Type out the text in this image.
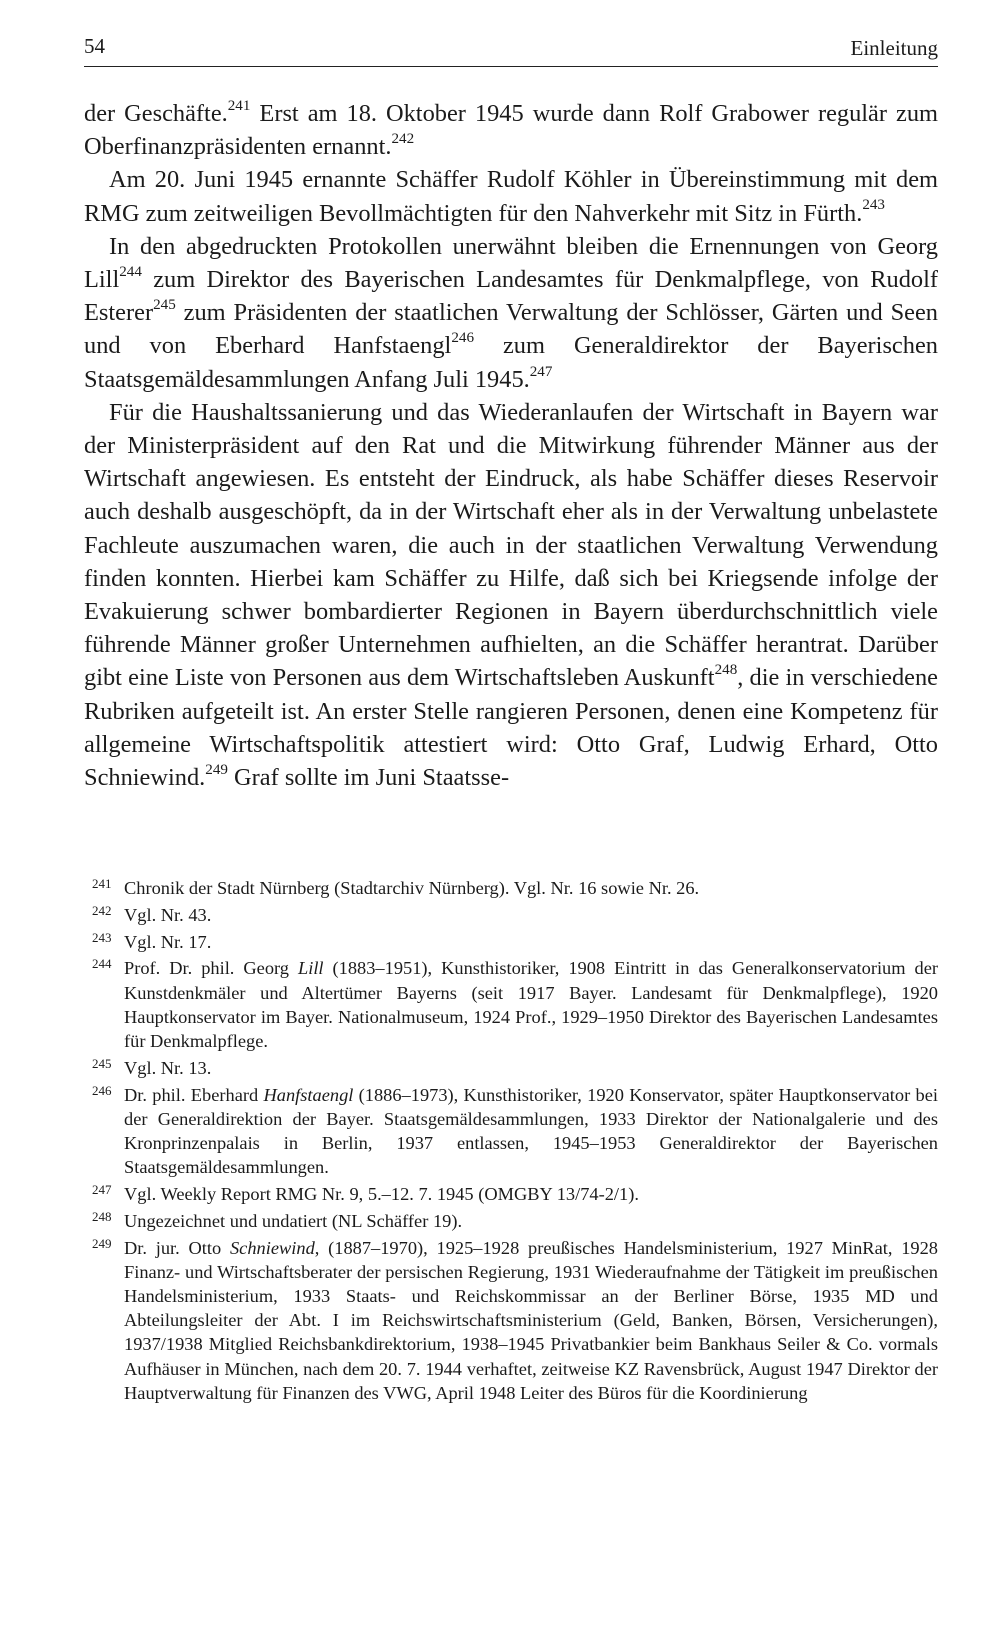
54	Einleitung

der Geschäfte.$^{241}$ Erst am 18. Oktober 1945 wurde dann Rolf Grabower regulär zum Oberfinanzpräsidenten ernannt.$^{242}$

Am 20. Juni 1945 ernannte Schäffer Rudolf Köhler in Übereinstimmung mit dem RMG zum zeitweiligen Bevollmächtigten für den Nahverkehr mit Sitz in Fürth.$^{243}$

In den abgedruckten Protokollen unerwähnt bleiben die Ernennungen von Georg Lill$^{244}$ zum Direktor des Bayerischen Landesamtes für Denkmalpflege, von Rudolf Esterer$^{245}$ zum Präsidenten der staatlichen Verwaltung der Schlösser, Gärten und Seen und von Eberhard Hanfstaengl$^{246}$ zum Generaldirektor der Bayerischen Staatsgemäldesammlungen Anfang Juli 1945.$^{247}$

Für die Haushaltssanierung und das Wiederanlaufen der Wirtschaft in Bayern war der Ministerpräsident auf den Rat und die Mitwirkung führender Männer aus der Wirtschaft angewiesen. Es entsteht der Eindruck, als habe Schäffer dieses Reservoir auch deshalb ausgeschöpft, da in der Wirtschaft eher als in der Verwaltung unbelastete Fachleute auszumachen waren, die auch in der staatlichen Verwaltung Verwendung finden konnten. Hierbei kam Schäffer zu Hilfe, daß sich bei Kriegsende infolge der Evakuierung schwer bombardierter Regionen in Bayern überdurchschnittlich viele führende Männer großer Unternehmen aufhielten, an die Schäffer herantrat. Darüber gibt eine Liste von Personen aus dem Wirtschaftsleben Auskunft$^{248}$, die in verschiedene Rubriken aufgeteilt ist. An erster Stelle rangieren Personen, denen eine Kompetenz für allgemeine Wirtschaftspolitik attestiert wird: Otto Graf, Ludwig Erhard, Otto Schniewind.$^{249}$ Graf sollte im Juni Staatsse-

241 Chronik der Stadt Nürnberg (Stadtarchiv Nürnberg). Vgl. Nr. 16 sowie Nr. 26.
242 Vgl. Nr. 43.
243 Vgl. Nr. 17.
244 Prof. Dr. phil. Georg Lill (1883–1951), Kunsthistoriker, 1908 Eintritt in das Generalkonservatorium der Kunstdenkmäler und Altertümer Bayerns (seit 1917 Bayer. Landesamt für Denkmalpflege), 1920 Hauptkonservator im Bayer. Nationalmuseum, 1924 Prof., 1929–1950 Direktor des Bayerischen Landesamtes für Denkmalpflege.
245 Vgl. Nr. 13.
246 Dr. phil. Eberhard Hanfstaengl (1886–1973), Kunsthistoriker, 1920 Konservator, später Hauptkonservator bei der Generaldirektion der Bayer. Staatsgemäldesammlungen, 1933 Direktor der Nationalgalerie und des Kronprinzenpalais in Berlin, 1937 entlassen, 1945–1953 Generaldirektor der Bayerischen Staatsgemäldesammlungen.
247 Vgl. Weekly Report RMG Nr. 9, 5.–12. 7. 1945 (OMGBY 13/74-2/1).
248 Ungezeichnet und undatiert (NL Schäffer 19).
249 Dr. jur. Otto Schniewind, (1887–1970), 1925–1928 preußisches Handelsministerium, 1927 MinRat, 1928 Finanz- und Wirtschaftsberater der persischen Regierung, 1931 Wiederaufnahme der Tätigkeit im preußischen Handelsministerium, 1933 Staats- und Reichskommissar an der Berliner Börse, 1935 MD und Abteilungsleiter der Abt. I im Reichswirtschaftsministerium (Geld, Banken, Börsen, Versicherungen), 1937/1938 Mitglied Reichsbankdirektorium, 1938–1945 Privatbankier beim Bankhaus Seiler & Co. vormals Aufhäuser in München, nach dem 20. 7. 1944 verhaftet, zeitweise KZ Ravensbrück, August 1947 Direktor der Hauptverwaltung für Finanzen des VWG, April 1948 Leiter des Büros für die Koordinierung
